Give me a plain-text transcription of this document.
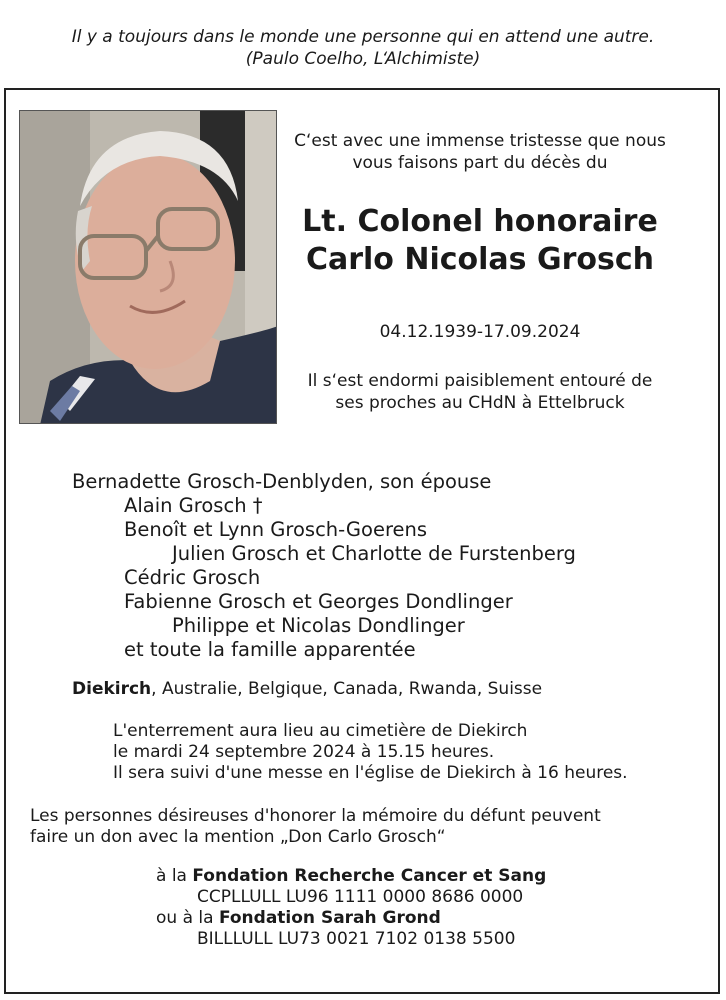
Il y a toujours dans le monde une personne qui en attend une autre.
(Paulo Coelho, L‘Alchimiste)
C‘est avec une immense tristesse que nous
vous faisons part du décès du
Lt. Colonel honoraire
Carlo Nicolas Grosch
04.12.1939-17.09.2024
Il s‘est endormi paisiblement entouré de
ses proches au CHdN à Ettelbruck
Bernadette Grosch-Denblyden, son épouse
Alain Grosch †
Benoît et Lynn Grosch-Goerens
Julien Grosch et Charlotte de Furstenberg
Cédric Grosch
Fabienne Grosch et Georges Dondlinger
Philippe et Nicolas Dondlinger
et toute la famille apparentée
Diekirch, Australie, Belgique, Canada, Rwanda, Suisse
L'enterrement aura lieu au cimetière de Diekirch
le mardi 24 septembre 2024 à 15.15 heures.
Il sera suivi d'une messe en l'église de Diekirch à 16 heures.
Les personnes désireuses d'honorer la mémoire du défunt peuvent
faire un don avec la mention „Don Carlo Grosch“
à la Fondation Recherche Cancer et Sang
CCPLLULL LU96 1111 0000 8686 0000
ou à la Fondation Sarah Grond
BILLLULL LU73 0021 7102 0138 5500
